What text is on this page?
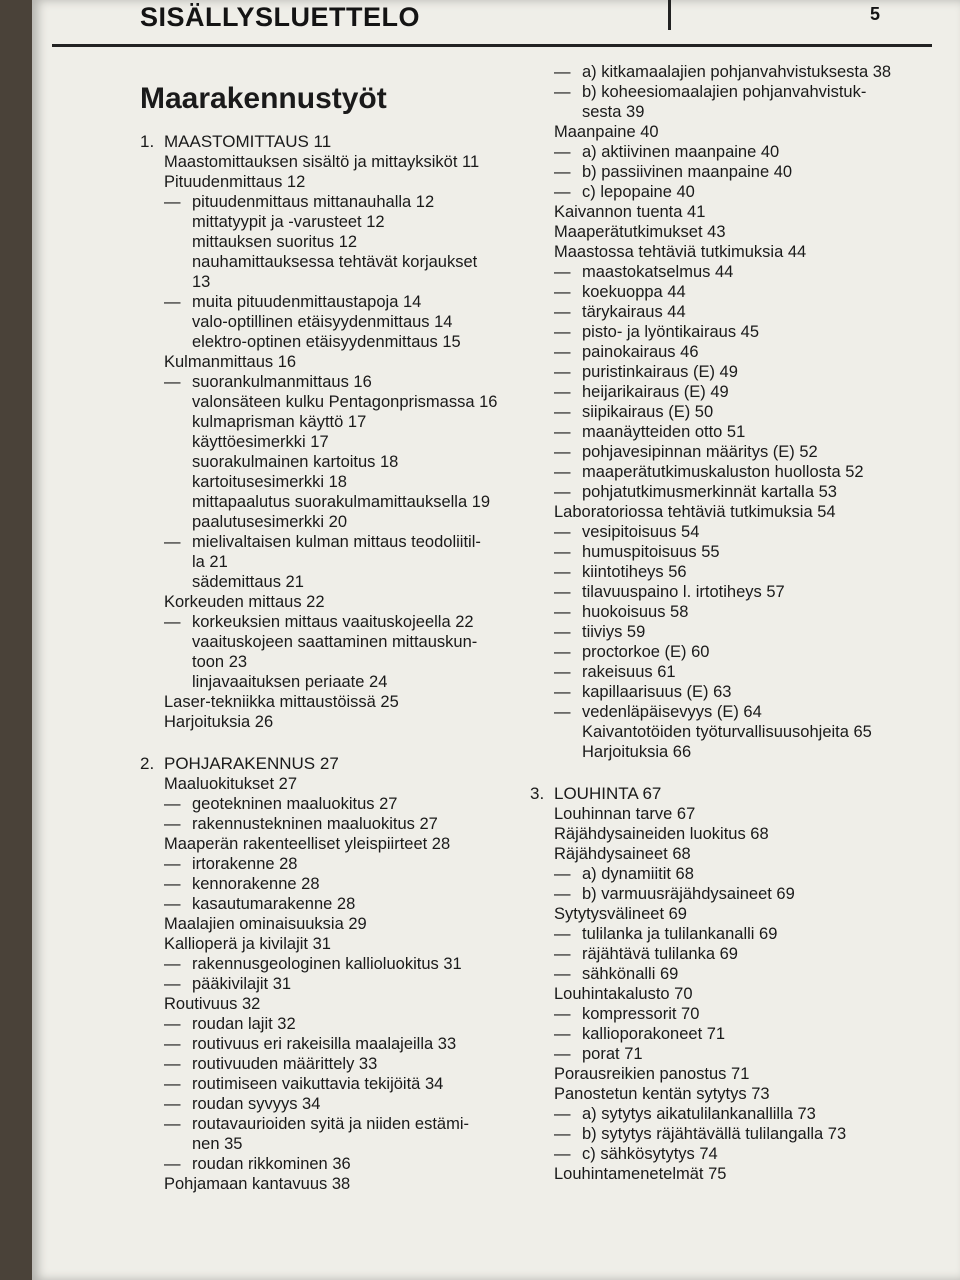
SISÄLLYSLUETTELO	5
Maarakennustyöt
1. MAASTOMITTAUS 11
Maastomittauksen sisältö ja mittayksiköt 11
Pituudenmittaus 12
— pituudenmittaus mittanauhalla 12
mittatyypit ja -varusteet 12
mittauksen suoritus 12
nauhamittauksessa tehtävät korjaukset
13
— muita pituudenmittaustapoja 14
valo-optillinen etäisyydenmittaus 14
elektro-optinen etäisyydenmittaus 15
Kulmanmittaus 16
— suorankulmanmittaus 16
valonsäteen kulku Pentagonprismassa 16
kulmaprisman käyttö 17
käyttöesimerkki 17
suorakulmainen kartoitus 18
kartoitusesimerkki 18
mittapaalutus suorakulmamittauksella 19
paalutusesimerkki 20
— mielivaltaisen kulman mittaus teodoliitil-
la 21
sädemittaus 21
Korkeuden mittaus 22
— korkeuksien mittaus vaaituskojeella 22
vaaituskojeen saattaminen mittauskun-
toon 23
linjavaaituksen periaate 24
Laser-tekniikka mittaustöissä 25
Harjoituksia 26
2. POHJARAKENNUS 27
Maaluokitukset 27
— geotekninen maaluokitus 27
— rakennustekninen maaluokitus 27
Maaperän rakenteelliset yleispiirteet 28
— irtorakenne 28
— kennorakenne 28
— kasautumarakenne 28
Maalajien ominaisuuksia 29
Kallioperä ja kivilajit 31
— rakennusgeologinen kallioluokitus 31
— pääkivilajit 31
Routivuus 32
— roudan lajit 32
— routivuus eri rakeisilla maalajeilla 33
— routivuuden määrittely 33
— routimiseen vaikuttavia tekijöitä 34
— roudan syvyys 34
— routavaurioiden syitä ja niiden estämi-
nen 35
— roudan rikkominen 36
Pohjamaan kantavuus 38
— a) kitkamaalajien pohjanvahvistuksesta 38
— b) koheesiomaalajien pohjanvahvistuk-
sesta 39
Maanpaine 40
— a) aktiivinen maanpaine 40
— b) passiivinen maanpaine 40
— c) lepopaine 40
Kaivannon tuenta 41
Maaperätutkimukset 43
Maastossa tehtäviä tutkimuksia 44
— maastokatselmus 44
— koekuoppa 44
— tärykairaus 44
— pisto- ja lyöntikairaus 45
— painokairaus 46
— puristinkairaus (E) 49
— heijarikairaus (E) 49
— siipikairaus (E) 50
— maanäytteiden otto 51
— pohjavesipinnan määritys (E) 52
— maaperätutkimuskaluston huollosta 52
— pohjatutkimusmerkinnät kartalla 53
Laboratoriossa tehtäviä tutkimuksia 54
— vesipitoisuus 54
— humuspitoisuus 55
— kiintotiheys 56
— tilavuuspaino l. irtotiheys 57
— huokoisuus 58
— tiiviys 59
— proctorkoe (E) 60
— rakeisuus 61
— kapillaarisuus (E) 63
— vedenläpäisevyys (E) 64
Kaivantotöiden työturvallisuusohjeita 65
Harjoituksia 66
3. LOUHINTA 67
Louhinnan tarve 67
Räjähdysaineiden luokitus 68
Räjähdysaineet 68
— a) dynamiitit 68
— b) varmuusräjähdysaineet 69
Sytytysvälineet 69
— tulilanka ja tulilankanalli 69
— räjähtävä tulilanka 69
— sähkönalli 69
Louhintakalusto 70
— kompressorit 70
— kallioporakoneet 71
— porat 71
Porausreikien panostus 71
Panostetun kentän sytytys 73
— a) sytytys aikatulilankanallilla 73
— b) sytytys räjähtävällä tulilangalla 73
— c) sähkösytytys 74
Louhintamenetelmät 75
